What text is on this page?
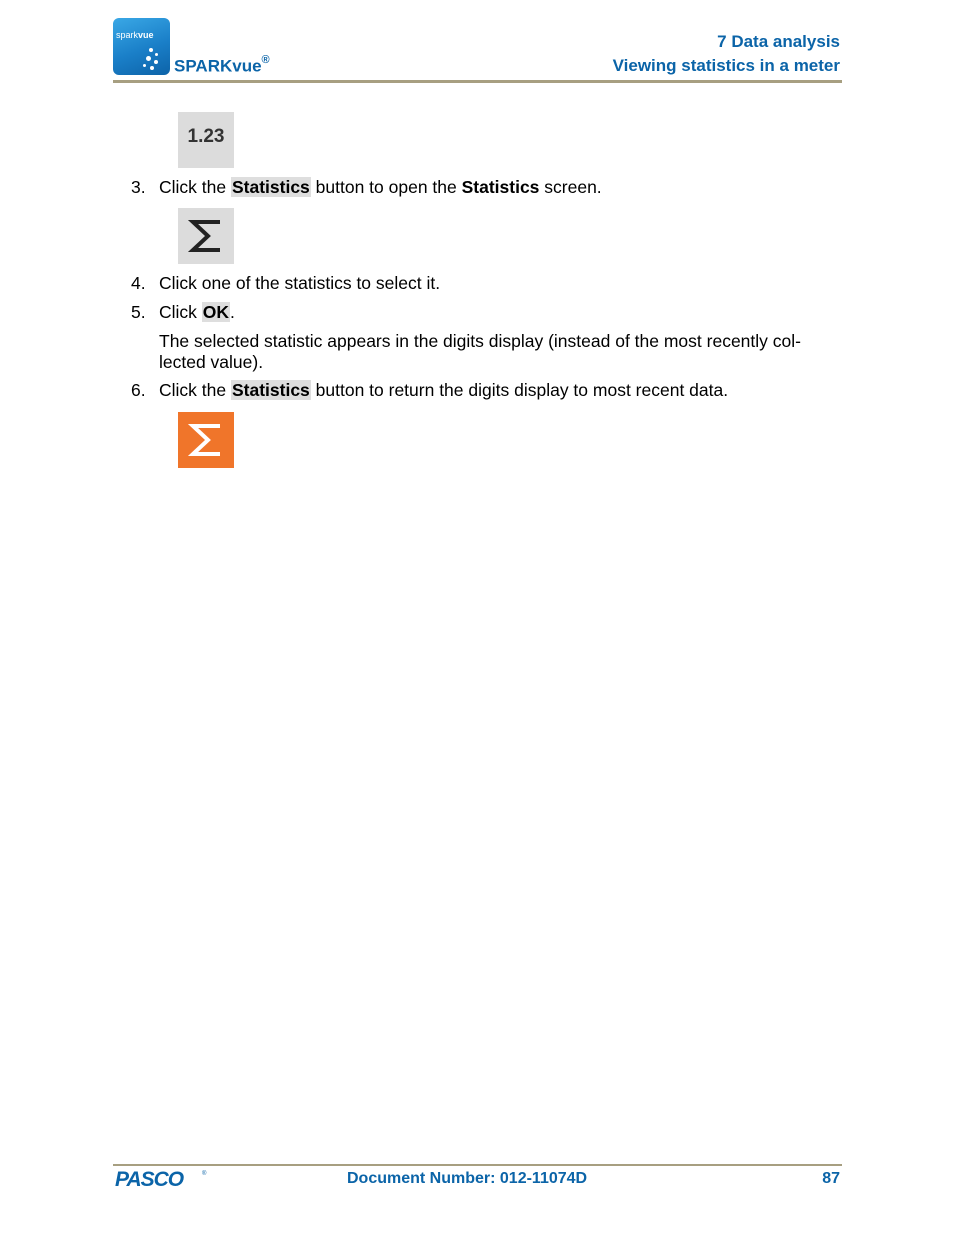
sparkvue
SPARKvue®
7 Data analysis
Viewing statistics in a meter
1.23
3. Click the Statistics button to open the Statistics screen.
4. Click one of the statistics to select it.
5. Click OK.
The selected statistic appears in the digits display (instead of the most recently col-
lected value).
6. Click the Statistics button to return the digits display to most recent data.
PASCO	®	Document Number: 012-11074D	87
